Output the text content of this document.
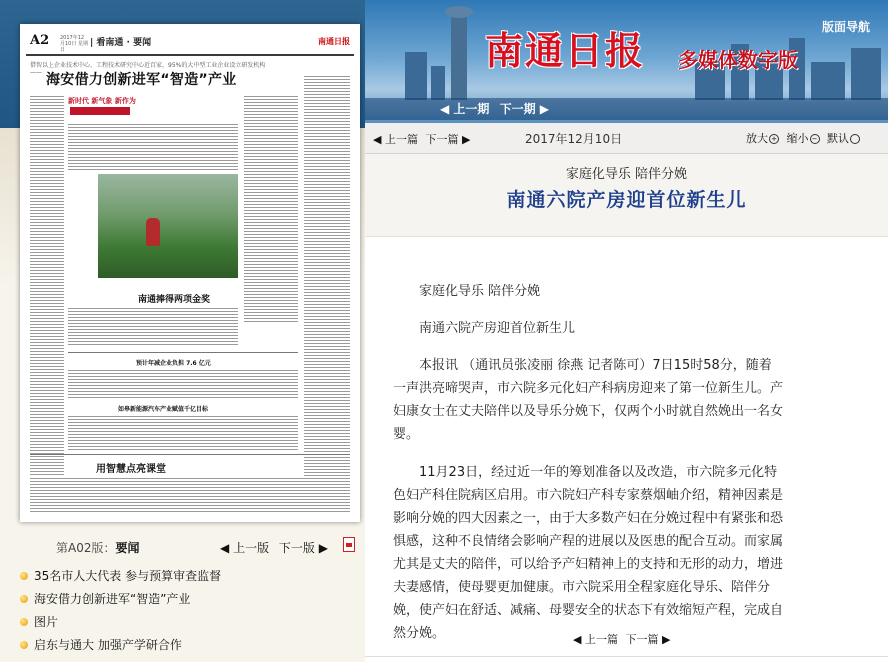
A2 2017年12月10日 星期日
| 看南通 · 要闻	南通日报
借智以上企业技术中心、工程技术研究中心近百家，95%的大中型工业企业设立研发机构—— 海安借力创新进军“智造”产业
新时代 新气象 新作为
南通捧得两项金奖
预计年减企业负担 7.6 亿元
如皋新能源汽车产业赋值千亿目标
用智慧点亮课堂
第A02版：要闻	◀ 上一版 下一版 ▶
35名市人大代表 参与预算审查监督
海安借力创新进军“智造”产业
图片
启东与通大 加强产学研合作
南通日报 多媒体数字版
版面导航
◀ 上一期 下一期 ▶
◀ 上一篇 下一篇 ▶	2017年12月10日	放大 + 缩小 − 默认
家庭化导乐 陪伴分娩
南通六院产房迎首位新生儿

家庭化导乐 陪伴分娩

南通六院产房迎首位新生儿

本报讯 （通讯员张凌丽 徐燕 记者陈可）7日15时58分，随着一声洪亮啼哭声，市六院多元化妇产科病房迎来了第一位新生儿。产妇康女士在丈夫陪伴以及导乐分娩下，仅两个小时就自然娩出一名女婴。

11月23日，经过近一年的筹划准备以及改造，市六院多元化特色妇产科住院病区启用。市六院妇产科专家蔡烟岫介绍，精神因素是影响分娩的四大因素之一，由于大多数产妇在分娩过程中有紧张和恐惧感，这种不良情绪会影响产程的进展以及医患的配合互动。而家属尤其是丈夫的陪伴，可以给予产妇精神上的支持和无形的动力，增进夫妻感情，使母婴更加健康。市六院采用全程家庭化导乐、陪伴分娩，使产妇在舒适、减痛、母婴安全的状态下有效缩短产程，完成自然分娩。	◀ 上一篇 下一篇 ▶
